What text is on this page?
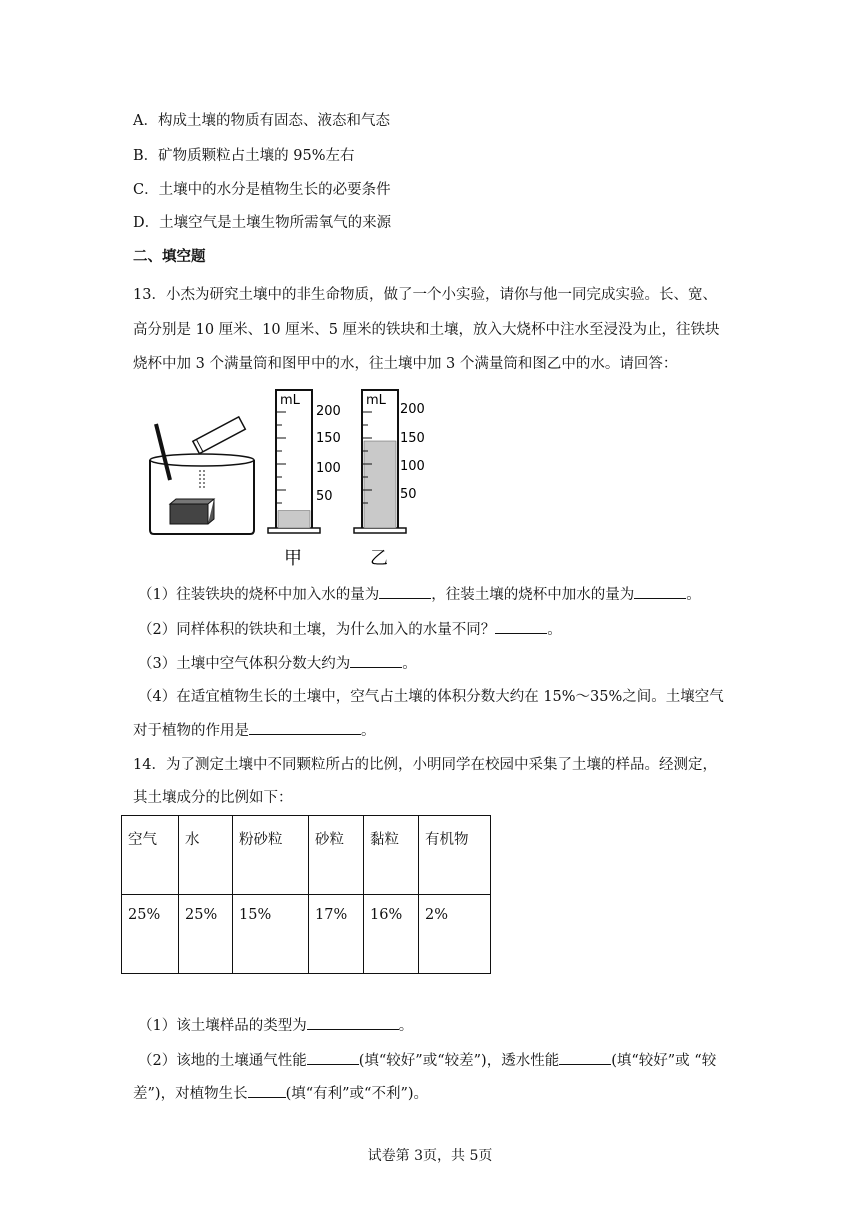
A．构成土壤的物质有固态、液态和气态
B．矿物质颗粒占土壤的 95%左右
C．土壤中的水分是植物生长的必要条件
D．土壤空气是土壤生物所需氧气的来源
二、填空题
13．小杰为研究土壤中的非生命物质，做了一个小实验，请你与他一同完成实验。长、宽、
高分别是 10 厘米、10 厘米、5 厘米的铁块和土壤，放入大烧杯中注水至浸没为止，往铁块
烧杯中加 3 个满量筒和图甲中的水，往土壤中加 3 个满量筒和图乙中的水。请回答：
mL
200
150
100
50
甲
mL
200
150
100
50
乙
（1）往装铁块的烧杯中加入水的量为	，往装土壤的烧杯中加水的量为	。
（2）同样体积的铁块和土壤，为什么加入的水量不同？	。
（3）土壤中空气体积分数大约为	。
（4）在适宜植物生长的土壤中，空气占土壤的体积分数大约在 15%～35%之间。土壤空气
对于植物的作用是	。
14．为了测定土壤中不同颗粒所占的比例，小明同学在校园中采集了土壤的样品。经测定，
其土壤成分的比例如下：
空气	水	粉砂粒	砂粒	黏粒	有机物
25%	25%	15%	17%	16%	2%
（1）该土壤样品的类型为	。
（2）该地的土壤通气性能	(填“较好”或“较差”)，透水性能	(填“较好”或 “较
差”)，对植物生长	(填“有利”或“不利”)。
试卷第 3页，共 5页
